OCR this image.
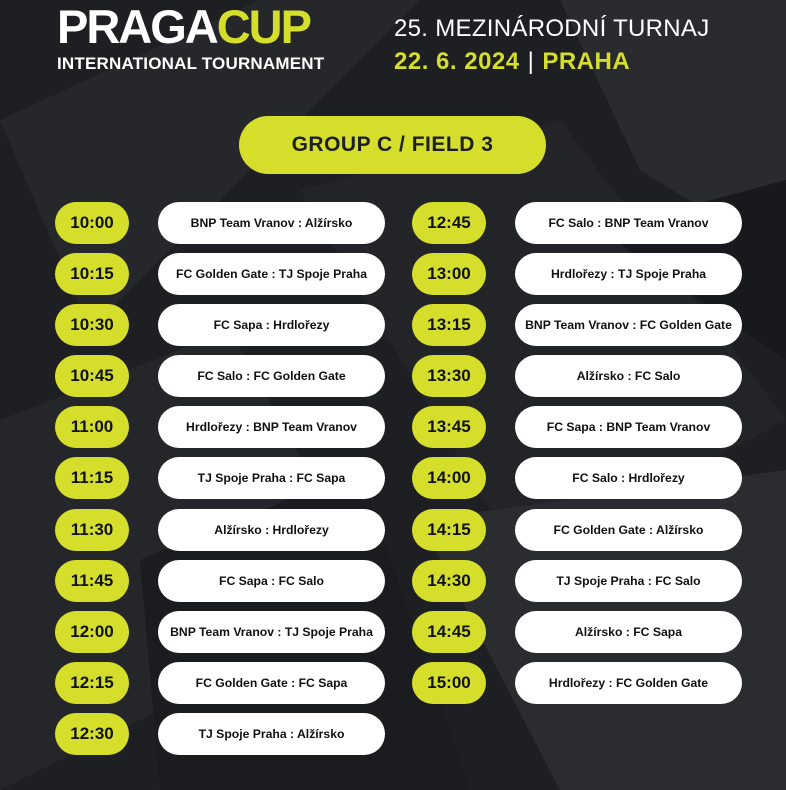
PRAGACUP
INTERNATIONAL TOURNAMENT
25. MEZINÁRODNÍ TURNAJ
22. 6. 2024 | PRAHA
GROUP C / FIELD 3
10:00	BNP Team Vranov : Alžírsko
10:15	FC Golden Gate : TJ Spoje Praha
10:30	FC Sapa : Hrdlořezy
10:45	FC Salo : FC Golden Gate
11:00	Hrdlořezy : BNP Team Vranov
11:15	TJ Spoje Praha : FC Sapa
11:30	Alžírsko : Hrdlořezy
11:45	FC Sapa : FC Salo
12:00	BNP Team Vranov : TJ Spoje Praha
12:15	FC Golden Gate : FC Sapa
12:30	TJ Spoje Praha : Alžírsko
12:45	FC Salo : BNP Team Vranov
13:00	Hrdlořezy : TJ Spoje Praha
13:15	BNP Team Vranov : FC Golden Gate
13:30	Alžírsko : FC Salo
13:45	FC Sapa : BNP Team Vranov
14:00	FC Salo : Hrdlořezy
14:15	FC Golden Gate : Alžírsko
14:30	TJ Spoje Praha : FC Salo
14:45	Alžírsko : FC Sapa
15:00	Hrdlořezy : FC Golden Gate
